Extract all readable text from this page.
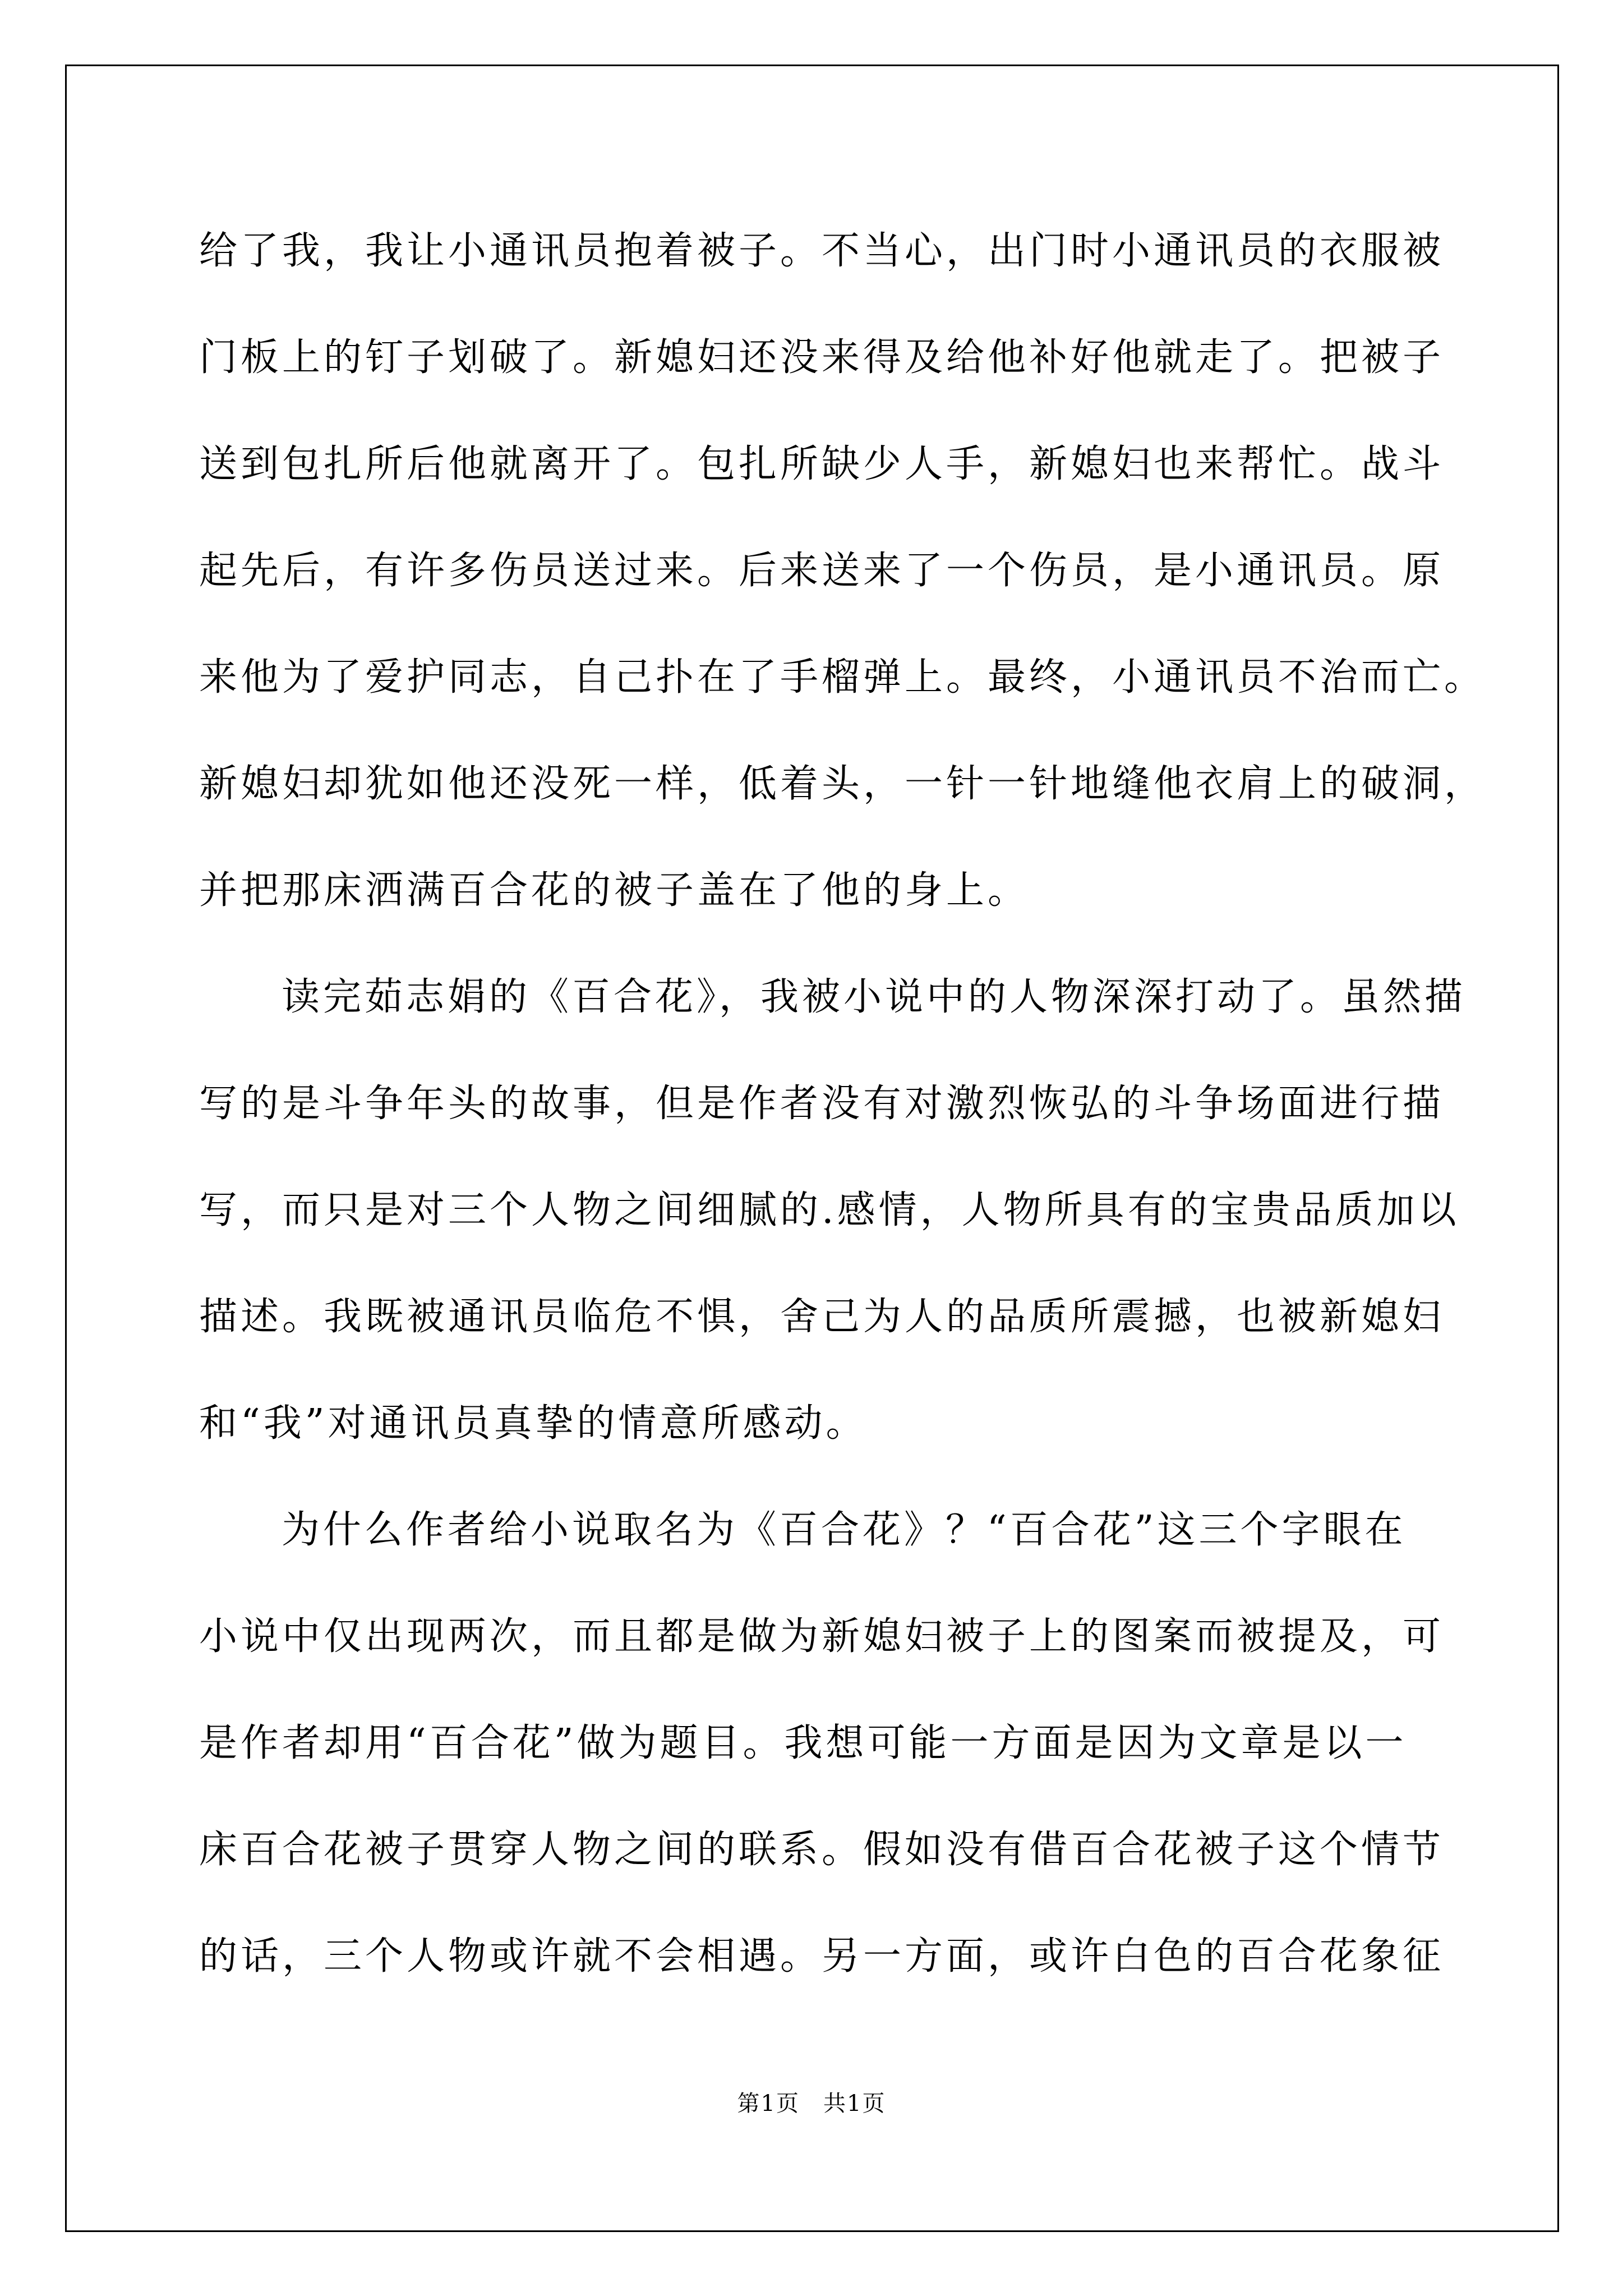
给了我，我让小通讯员抱着被子。不当心，出门时小通讯员的衣服被
门板上的钉子划破了。新媳妇还没来得及给他补好他就走了。把被子
送到包扎所后他就离开了。包扎所缺少人手，新媳妇也来帮忙。战斗
起先后，有许多伤员送过来。后来送来了一个伤员，是小通讯员。原
来他为了爱护同志，自己扑在了手榴弹上。最终，小通讯员不治而亡。
新媳妇却犹如他还没死一样，低着头，一针一针地缝他衣肩上的破洞，
并把那床洒满百合花的被子盖在了他的身上。
读完茹志娟的《百合花》，我被小说中的人物深深打动了。虽然描
写的是斗争年头的故事，但是作者没有对激烈恢弘的斗争场面进行描
写，而只是对三个人物之间细腻的.感情，人物所具有的宝贵品质加以
描述。我既被通讯员临危不惧，舍己为人的品质所震撼，也被新媳妇
和“我”对通讯员真挚的情意所感动。
为什么作者给小说取名为《百合花》？“百合花”这三个字眼在
小说中仅出现两次，而且都是做为新媳妇被子上的图案而被提及，可
是作者却用“百合花”做为题目。我想可能一方面是因为文章是以一
床百合花被子贯穿人物之间的联系。假如没有借百合花被子这个情节
的话，三个人物或许就不会相遇。另一方面，或许白色的百合花象征
第1页　共1页
